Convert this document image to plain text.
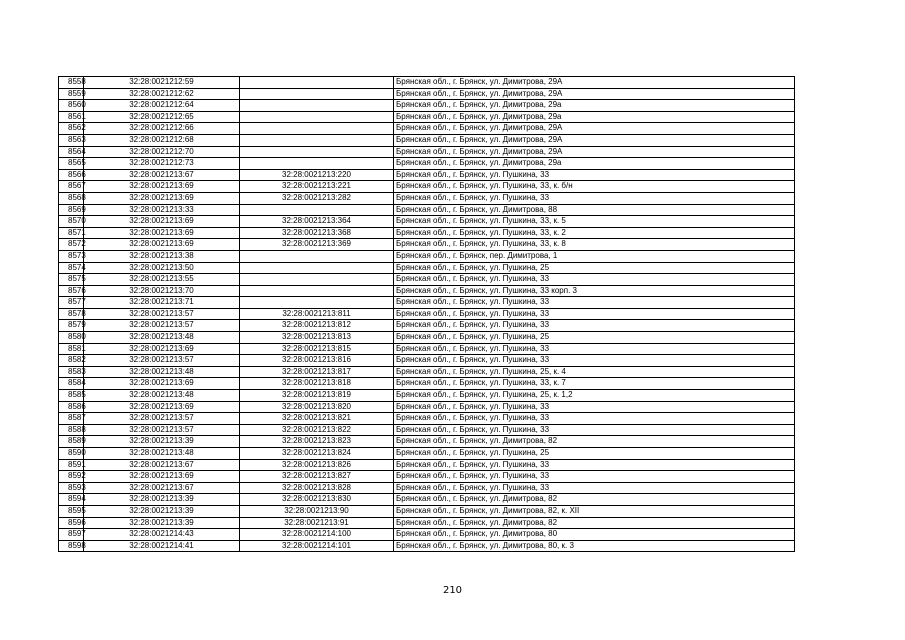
8558	32:28:0021212:59		Брянская обл., г. Брянск, ул. Димитрова, 29А
8559	32:28:0021212:62		Брянская обл., г. Брянск, ул. Димитрова, 29А
8560	32:28:0021212:64		Брянская обл., г. Брянск, ул. Димитрова, 29а
8561	32:28:0021212:65		Брянская обл., г. Брянск, ул. Димитрова, 29а
8562	32:28:0021212:66		Брянская обл., г. Брянск, ул. Димитрова, 29А
8563	32:28:0021212:68		Брянская обл., г. Брянск, ул. Димитрова, 29А
8564	32:28:0021212:70		Брянская обл., г. Брянск, ул. Димитрова, 29А
8565	32:28:0021212:73		Брянская обл., г. Брянск, ул. Димитрова, 29а
8566	32:28:0021213:67	32:28:0021213:220	Брянская обл., г. Брянск, ул. Пушкина, 33
8567	32:28:0021213:69	32:28:0021213:221	Брянская обл., г. Брянск, ул. Пушкина, 33, к. б/н
8568	32:28:0021213:69	32:28:0021213:282	Брянская обл., г. Брянск, ул. Пушкина, 33
8569	32:28:0021213:33		Брянская обл., г. Брянск, ул. Димитрова, 88
8570	32:28:0021213:69	32:28:0021213:364	Брянская обл., г. Брянск, ул. Пушкина, 33, к. 5
8571	32:28:0021213:69	32:28:0021213:368	Брянская обл., г. Брянск, ул. Пушкина, 33, к. 2
8572	32:28:0021213:69	32:28:0021213:369	Брянская обл., г. Брянск, ул. Пушкина, 33, к. 8
8573	32:28:0021213:38		Брянская обл., г. Брянск, пер. Димитрова, 1
8574	32:28:0021213:50		Брянская обл., г. Брянск, ул. Пушкина, 25
8575	32:28:0021213:55		Брянская обл., г. Брянск, ул. Пушкина, 33
8576	32:28:0021213:70		Брянская обл., г. Брянск, ул. Пушкина, 33 корп. 3
8577	32:28:0021213:71		Брянская обл., г. Брянск, ул. Пушкина, 33
8578	32:28:0021213:57	32:28:0021213:811	Брянская обл., г. Брянск, ул. Пушкина, 33
8579	32:28:0021213:57	32:28:0021213:812	Брянская обл., г. Брянск, ул. Пушкина, 33
8580	32:28:0021213:48	32:28:0021213:813	Брянская обл., г. Брянск, ул. Пушкина, 25
8581	32:28:0021213:69	32:28:0021213:815	Брянская обл., г. Брянск, ул. Пушкина, 33
8582	32:28:0021213:57	32:28:0021213:816	Брянская обл., г. Брянск, ул. Пушкина, 33
8583	32:28:0021213:48	32:28:0021213:817	Брянская обл., г. Брянск, ул. Пушкина, 25, к. 4
8584	32:28:0021213:69	32:28:0021213:818	Брянская обл., г. Брянск, ул. Пушкина, 33, к. 7
8585	32:28:0021213:48	32:28:0021213:819	Брянская обл., г. Брянск, ул. Пушкина, 25, к. 1,2
8586	32:28:0021213:69	32:28:0021213:820	Брянская обл., г. Брянск, ул. Пушкина, 33
8587	32:28:0021213:57	32:28:0021213:821	Брянская обл., г. Брянск, ул. Пушкина, 33
8588	32:28:0021213:57	32:28:0021213:822	Брянская обл., г. Брянск, ул. Пушкина, 33
8589	32:28:0021213:39	32:28:0021213:823	Брянская обл., г. Брянск, ул. Димитрова, 82
8590	32:28:0021213:48	32:28:0021213:824	Брянская обл., г. Брянск, ул. Пушкина, 25
8591	32:28:0021213:67	32:28:0021213:826	Брянская обл., г. Брянск, ул. Пушкина, 33
8592	32:28:0021213:69	32:28:0021213:827	Брянская обл., г. Брянск, ул. Пушкина, 33
8593	32:28:0021213:67	32:28:0021213:828	Брянская обл., г. Брянск, ул. Пушкина, 33
8594	32:28:0021213:39	32:28:0021213:830	Брянская обл., г. Брянск, ул. Димитрова, 82
8595	32:28:0021213:39	32:28:0021213:90	Брянская обл., г. Брянск, ул. Димитрова, 82, к. XII
8596	32:28:0021213:39	32:28:0021213:91	Брянская обл., г. Брянск, ул. Димитрова, 82
8597	32:28:0021214:43	32:28:0021214:100	Брянская обл., г. Брянск, ул. Димитрова, 80
8598	32:28:0021214:41	32:28:0021214:101	Брянская обл., г. Брянск, ул. Димитрова, 80, к. 3
210
